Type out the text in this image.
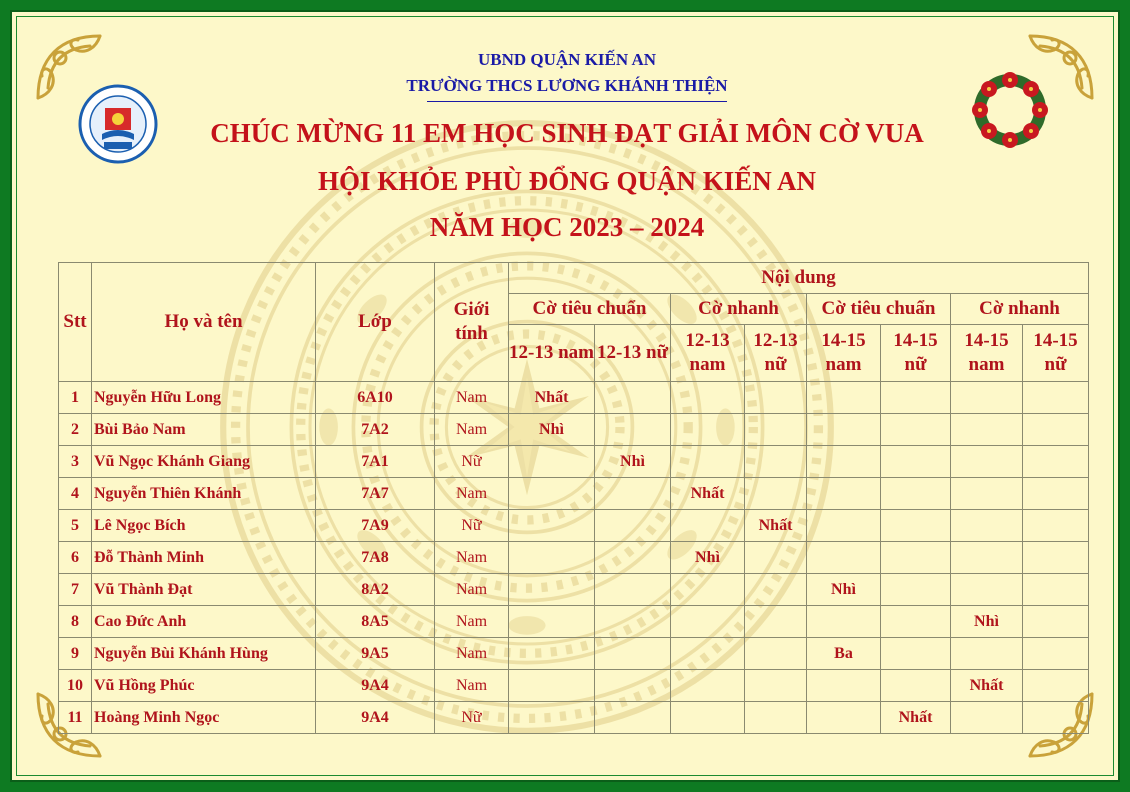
UBND QUẬN KIẾN AN
TRƯỜNG THCS LƯƠNG KHÁNH THIỆN
CHÚC MỪNG 11 EM HỌC SINH ĐẠT GIẢI MÔN CỜ VUA
HỘI KHỎE PHÙ ĐỔNG QUẬN KIẾN AN
NĂM HỌC 2023 – 2024
Stt	Họ và tên	Lớp	Giới tính	Nội dung							
				Cờ tiêu chuẩn		Cờ nhanh		Cờ tiêu chuẩn		Cờ nhanh	
				12-13 nam	12-13 nữ	12-13 nam	12-13 nữ	14-15 nam	14-15 nữ	14-15 nam	14-15 nữ
1	Nguyễn Hữu Long	6A10	Nam	Nhất							
2	Bùi Bảo Nam	7A2	Nam	Nhì							
3	Vũ Ngọc Khánh Giang	7A1	Nữ		Nhì						
4	Nguyễn Thiên Khánh	7A7	Nam			Nhất					
5	Lê Ngọc Bích	7A9	Nữ				Nhất				
6	Đỗ Thành Minh	7A8	Nam			Nhì					
7	Vũ Thành Đạt	8A2	Nam					Nhì			
8	Cao Đức Anh	8A5	Nam							Nhì	
9	Nguyễn Bùi Khánh Hùng	9A5	Nam					Ba			
10	Vũ Hồng Phúc	9A4	Nam							Nhất	
11	Hoàng Minh Ngọc	9A4	Nữ						Nhất		
